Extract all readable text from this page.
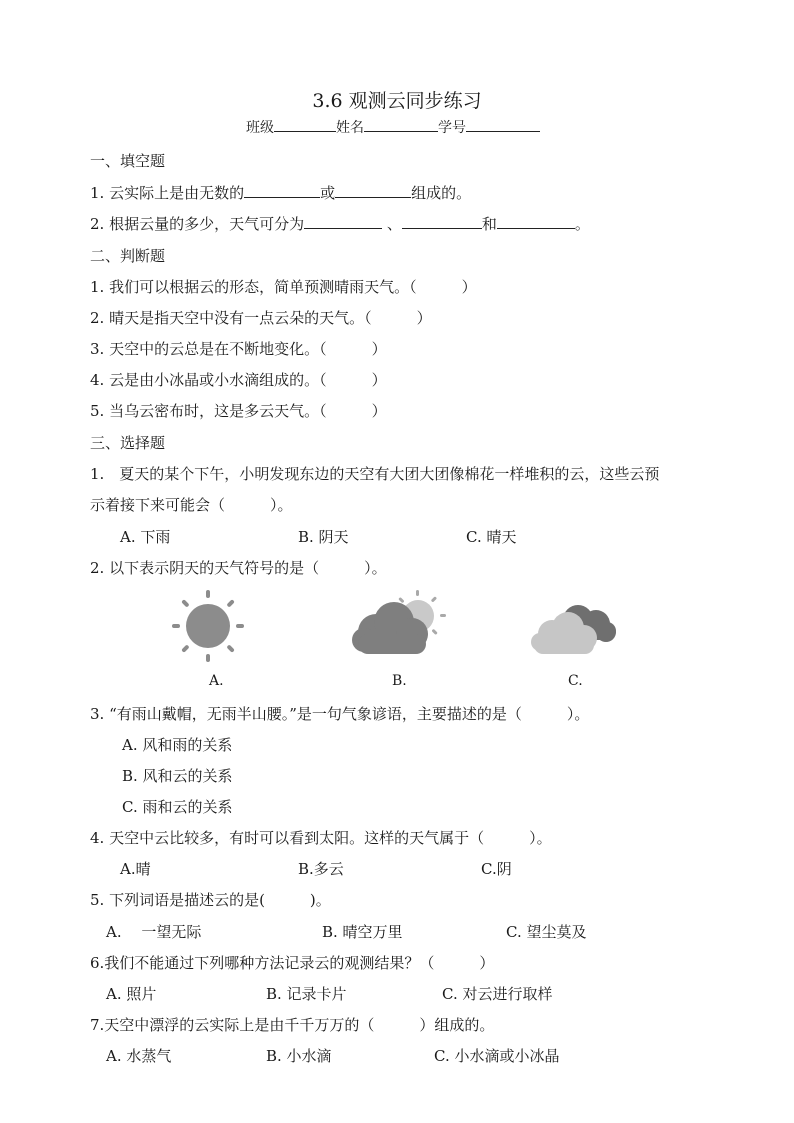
3.6 观测云同步练习
班级	姓名	学号
一、填空题
1. 云实际上是由无数的	或	组成的。
2. 根据云量的多少，天气可分为	、	和	。
二、判断题
1. 我们可以根据云的形态，简单预测晴雨天气。（　　　）
2. 晴天是指天空中没有一点云朵的天气。（　　　）
3. 天空中的云总是在不断地变化。（　　　）
4. 云是由小冰晶或小水滴组成的。（　　　）
5. 当乌云密布时，这是多云天气。（　　　）
三、选择题
1.　夏天的某个下午，小明发现东边的天空有大团大团像棉花一样堆积的云，这些云预
示着接下来可能会（　　　）。
A. 下雨	B. 阴天	C. 晴天
2. 以下表示阴天的天气符号的是（　　　）。
A.	B.	C.
3. “有雨山戴帽，无雨半山腰。”是一句气象谚语，主要描述的是（　　　）。
A. 风和雨的关系
B. 风和云的关系
C. 雨和云的关系
4. 天空中云比较多，有时可以看到太阳。这样的天气属于（　　　）。
A.晴	B.多云	C.阴
5. 下列词语是描述云的是(　　　)。
A.　 一望无际	B. 晴空万里	C. 望尘莫及
6.我们不能通过下列哪种方法记录云的观测结果？（　　　）
A. 照片	B. 记录卡片	C. 对云进行取样
7.天空中漂浮的云实际上是由千千万万的（　　　）组成的。
A. 水蒸气	B. 小水滴	C. 小水滴或小冰晶
